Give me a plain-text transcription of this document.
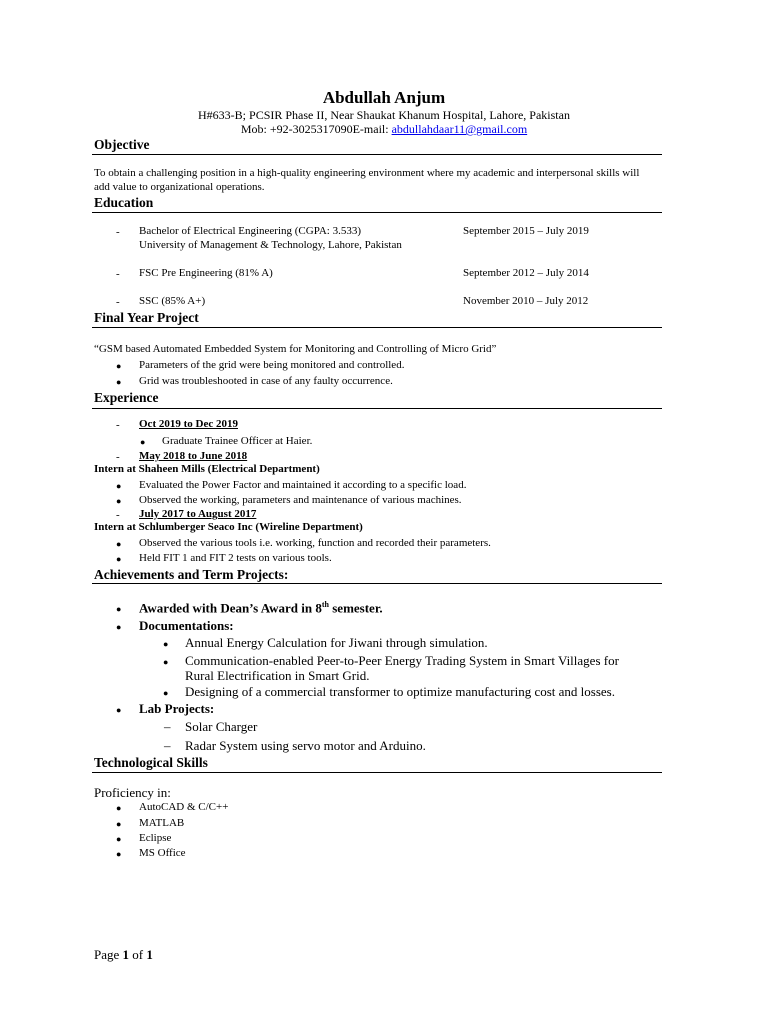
Abdullah Anjum
H#633-B; PCSIR Phase II, Near Shaukat Khanum Hospital, Lahore, Pakistan
Mob: +92-3025317090E-mail: abdullahdaar11@gmail.com
Objective
To obtain a challenging position in a high-quality engineering environment where my academic and interpersonal skills will add value to organizational operations.
Education
- Bachelor of Electrical Engineering (CGPA: 3.533)
University of Management & Technology, Lahore, Pakistan
September 2015 – July 2019
- FSC Pre Engineering (81% A)	September 2012 – July 2014
- SSC (85% A+)	November 2010 – July 2012
Final Year Project
“GSM based Automated Embedded System for Monitoring and Controlling of Micro Grid”
● Parameters of the grid were being monitored and controlled.
● Grid was troubleshooted in case of any faulty occurrence.
Experience
- Oct 2019 to Dec 2019
● Graduate Trainee Officer at Haier.
- May 2018 to June 2018
Intern at Shaheen Mills (Electrical Department)
● Evaluated the Power Factor and maintained it according to a specific load.
● Observed the working, parameters and maintenance of various machines.
- July 2017 to August 2017
Intern at Schlumberger Seaco Inc (Wireline Department)
● Observed the various tools i.e. working, function and recorded their parameters.
● Held FIT 1 and FIT 2 tests on various tools.
Achievements and Term Projects:
● Awarded with Dean’s Award in 8th semester.
● Documentations:
● Annual Energy Calculation for Jiwani through simulation.
● Communication-enabled Peer-to-Peer Energy Trading System in Smart Villages for
Rural Electrification in Smart Grid.
● Designing of a commercial transformer to optimize manufacturing cost and losses.
● Lab Projects:
– Solar Charger
– Radar System using servo motor and Arduino.
Technological Skills
Proficiency in:
● AutoCAD & C/C++
● MATLAB
● Eclipse
● MS Office
Page 1 of 1
